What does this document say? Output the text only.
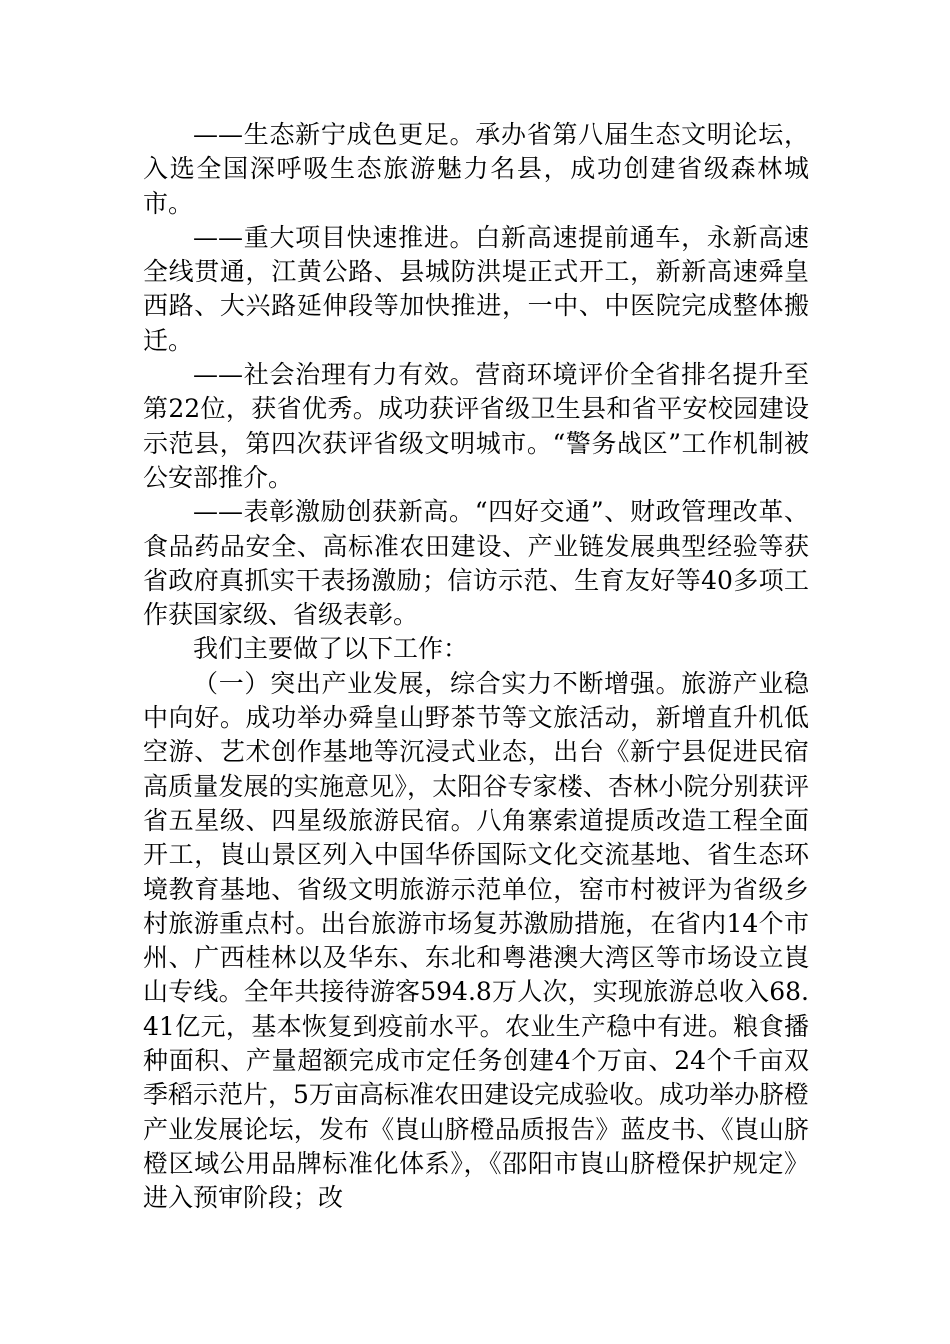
——生态新宁成色更足。承办省第八届生态文明论坛，入选全国深呼吸生态旅游魅力名县，成功创建省级森林城市。

——重大项目快速推进。白新高速提前通车，永新高速全线贯通，江黄公路、县城防洪堤正式开工，新新高速舜皇西路、大兴路延伸段等加快推进，一中、中医院完成整体搬迁。

——社会治理有力有效。营商环境评价全省排名提升至第22位，获省优秀。成功获评省级卫生县和省平安校园建设示范县，第四次获评省级文明城市。“警务战区”工作机制被公安部推介。

——表彰激励创获新高。“四好交通”、财政管理改革、食品药品安全、高标准农田建设、产业链发展典型经验等获省政府真抓实干表扬激励；信访示范、生育友好等40多项工作获国家级、省级表彰。

我们主要做了以下工作：

（一）突出产业发展，综合实力不断增强。旅游产业稳中向好。成功举办舜皇山野茶节等文旅活动，新增直升机低空游、艺术创作基地等沉浸式业态，出台《新宁县促进民宿高质量发展的实施意见》，太阳谷专家楼、杏林小院分别获评省五星级、四星级旅游民宿。八角寨索道提质改造工程全面开工，崀山景区列入中国华侨国际文化交流基地、省生态环境教育基地、省级文明旅游示范单位，窑市村被评为省级乡村旅游重点村。出台旅游市场复苏激励措施，在省内14个市州、广西桂林以及华东、东北和粤港澳大湾区等市场设立崀山专线。全年共接待游客594.8万人次，实现旅游总收入68.41亿元，基本恢复到疫前水平。农业生产稳中有进。粮食播种面积、产量超额完成市定任务创建4个万亩、24个千亩双季稻示范片，5万亩高标准农田建设完成验收。成功举办脐橙产业发展论坛，发布《崀山脐橙品质报告》蓝皮书、《崀山脐橙区域公用品牌标准化体系》，《邵阳市崀山脐橙保护规定》进入预审阶段；改
